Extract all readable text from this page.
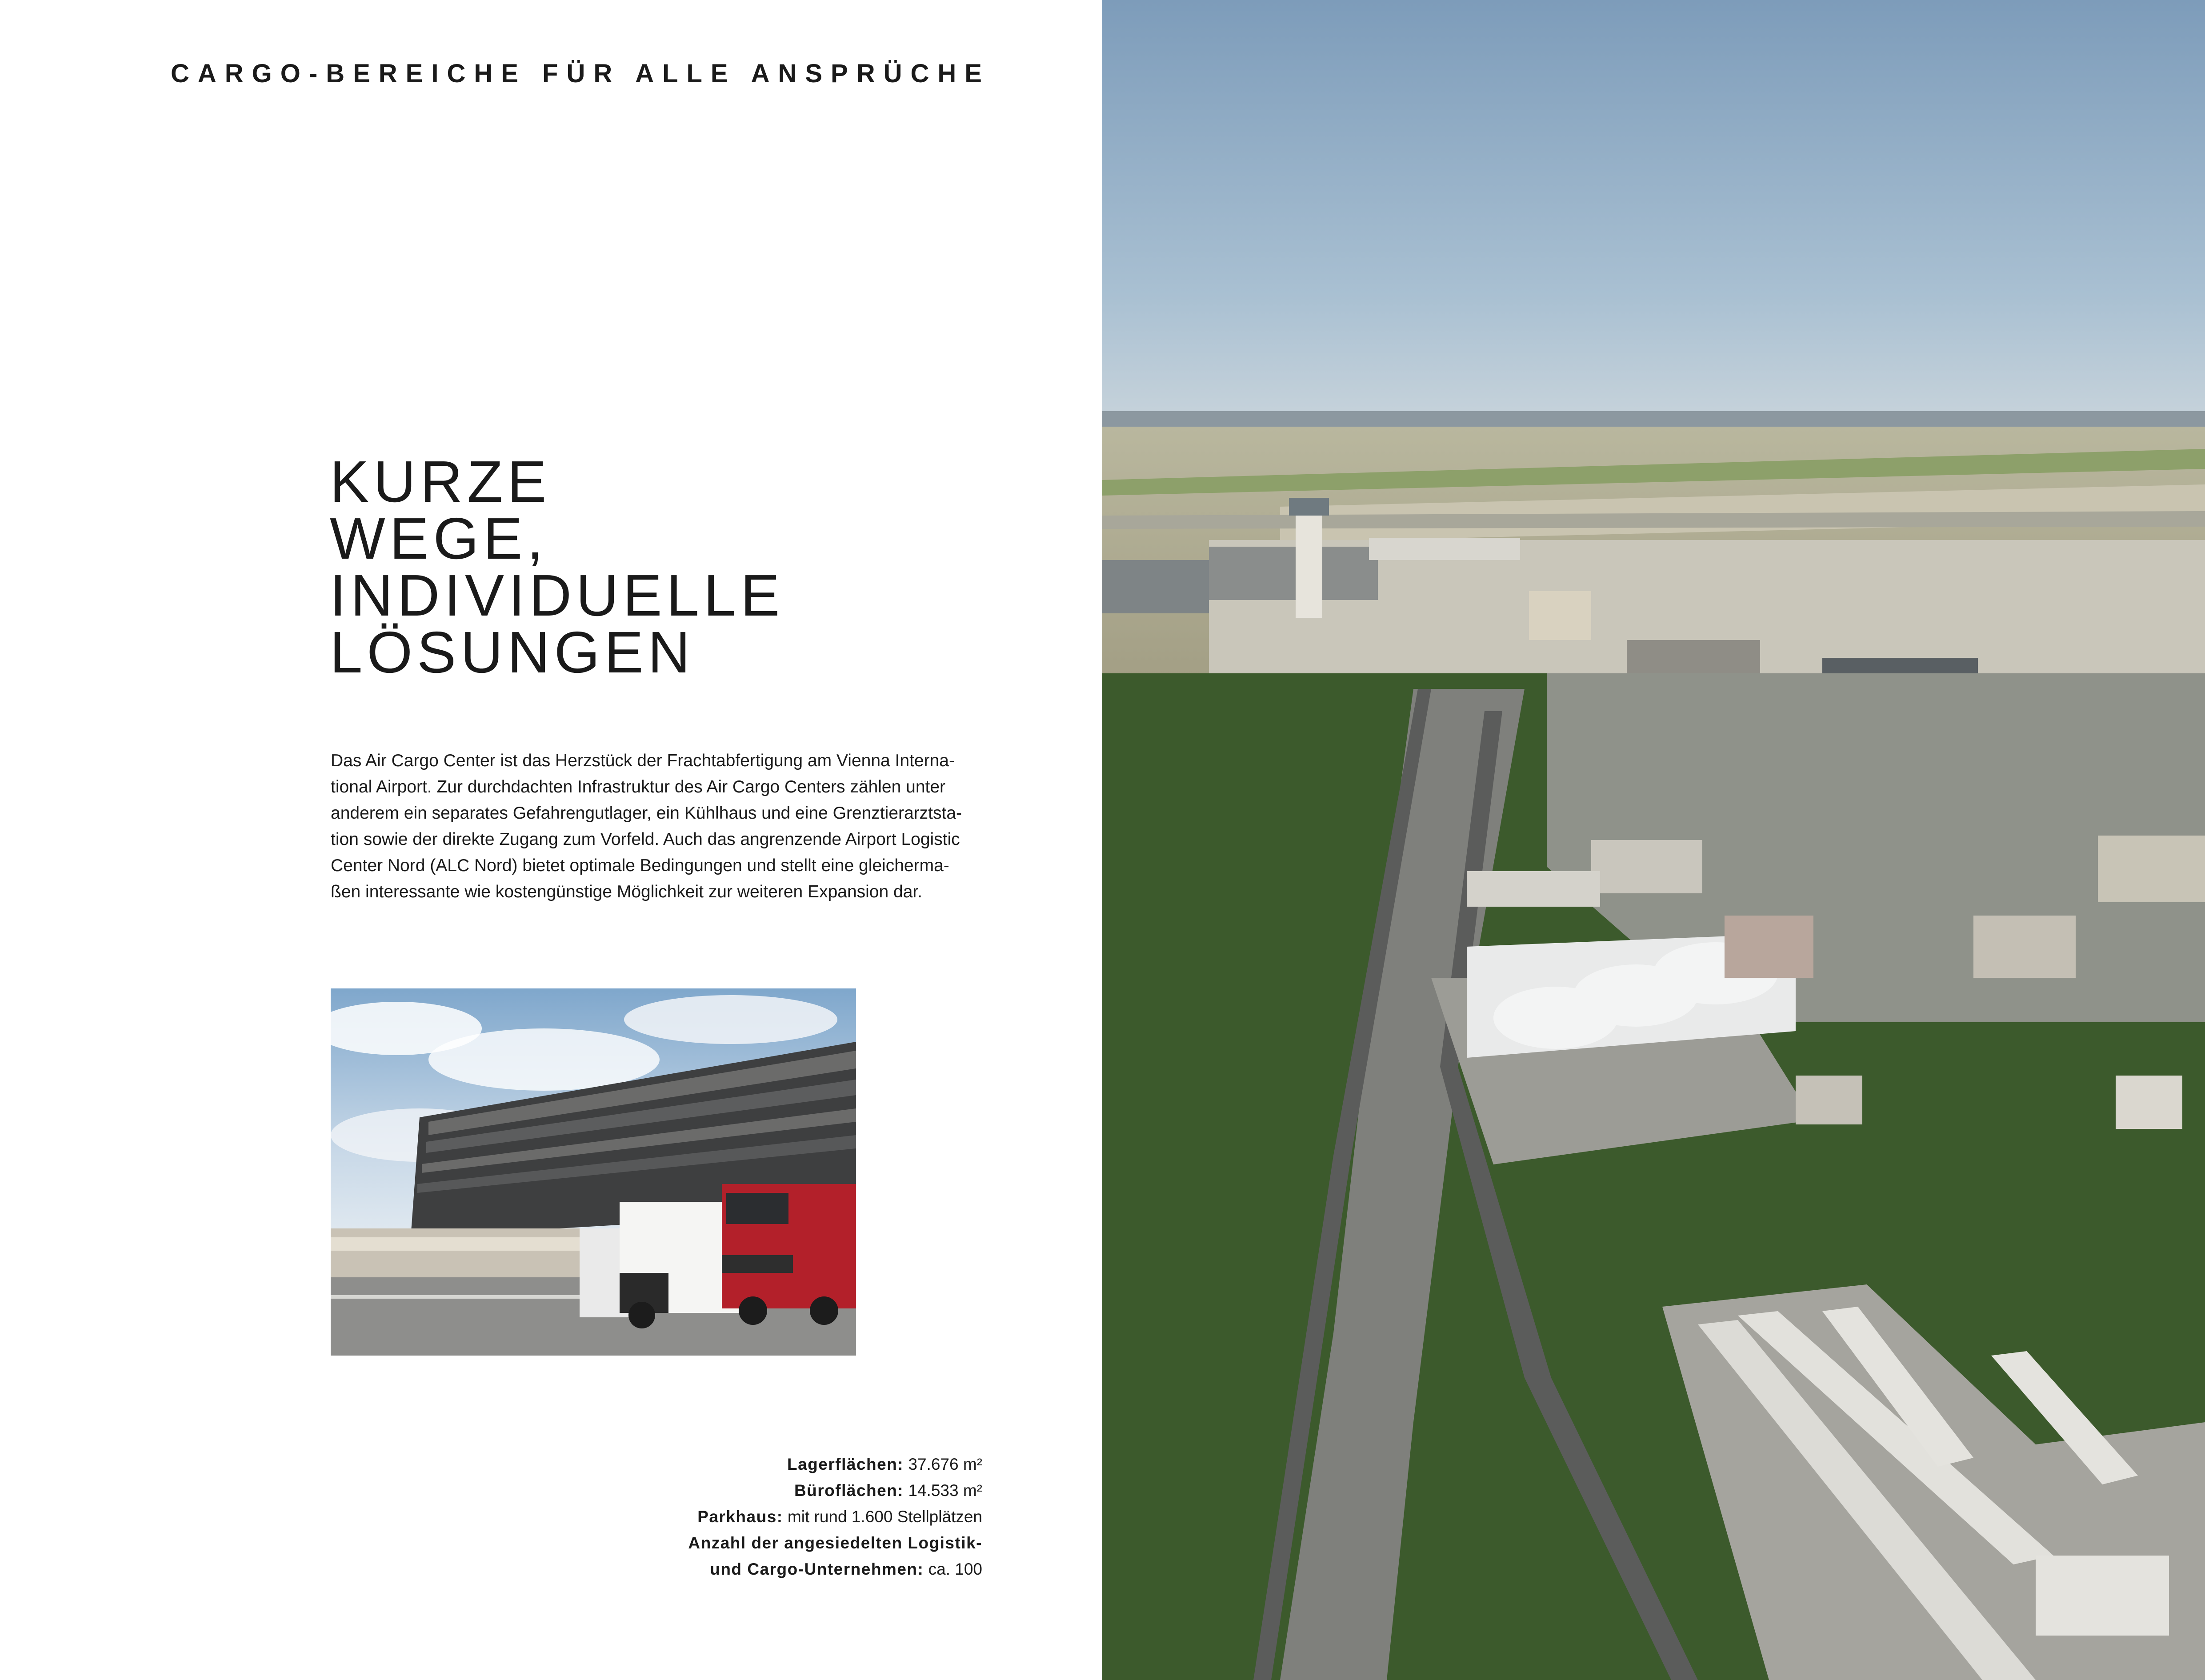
CARGO-BEREICHE FÜR ALLE ANSPRÜCHE
KURZE
WEGE,
INDIVIDUELLE
LÖSUNGEN

Das Air Cargo Center ist das Herzstück der Frachtabfertigung am Vienna Interna-
tional Airport. Zur durchdachten Infrastruktur des Air Cargo Centers zählen unter
anderem ein separates Gefahrengutlager, ein Kühlhaus und eine Grenztierarztsta-
tion sowie der direkte Zugang zum Vorfeld. Auch das angrenzende Airport Logistic
Center Nord (ALC Nord) bietet optimale Bedingungen und stellt eine gleicherma-
ßen interessante wie kostengünstige Möglichkeit zur weiteren Expansion dar.

Lagerflächen: 37.676 m²
Büroflächen: 14.533 m²
Parkhaus: mit rund 1.600 Stellplätzen
Anzahl der angesiedelten Logistik-
und Cargo-Unternehmen: ca. 100
